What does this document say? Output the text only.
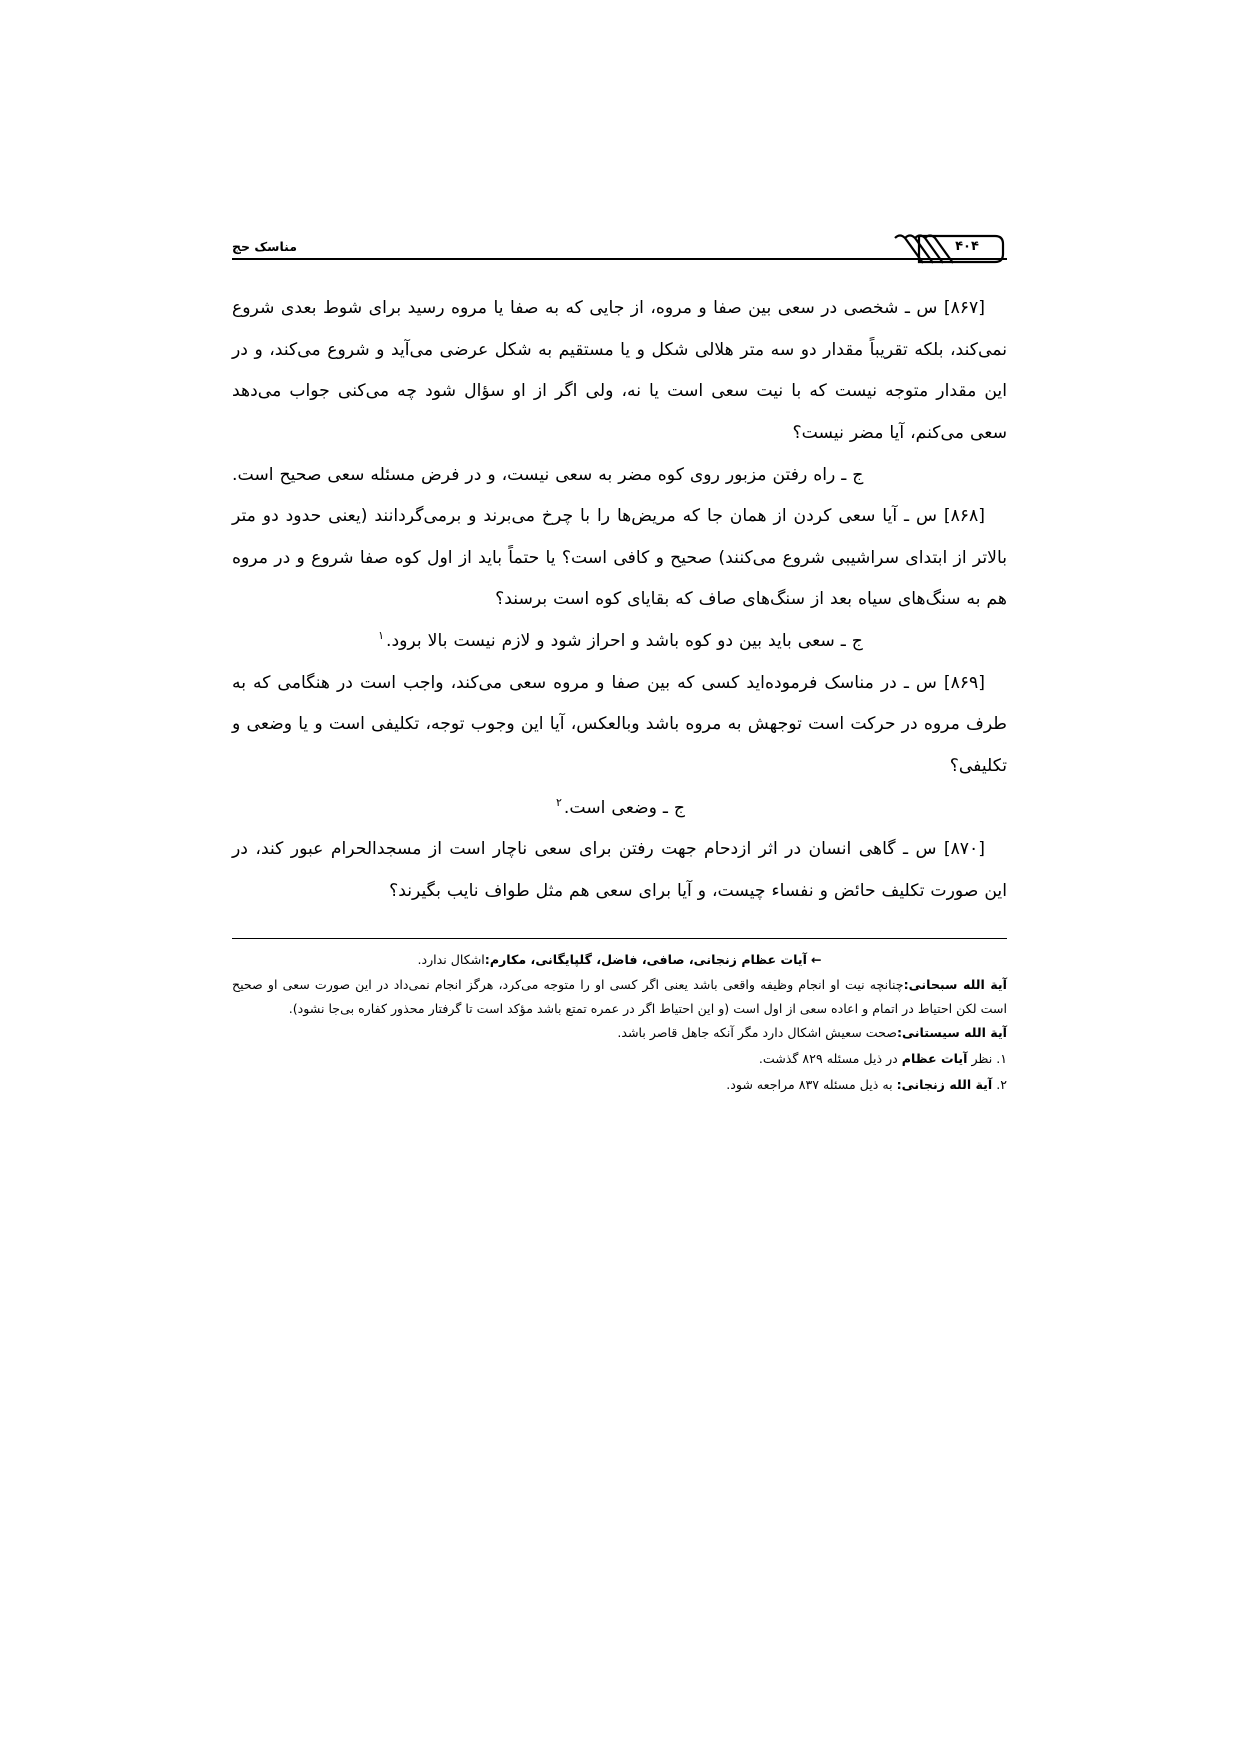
مناسک حج	۴۰۴

[۸۶۷] س ـ شخصی در سعی بین صفا و مروه، از جایی که به صفا یا مروه رسید برای شوط بعدی شروع نمی‌کند، بلکه تقریباً مقدار دو سه متر هلالی شکل و یا مستقیم به شکل عرضی می‌آید و شروع می‌کند، و در این مقدار متوجه نیست که با نیت سعی است یا نه، ولی اگر از او سؤال شود چه می‌کنی جواب می‌دهد سعی می‌کنم، آیا مضر نیست؟

ج ـ راه رفتن مزبور روی کوه مضر به سعی نیست، و در فرض مسئله سعی صحیح است.

[۸۶۸] س ـ آیا سعی کردن از همان جا که مریض‌ها را با چرخ می‌برند و برمی‌گردانند (یعنی حدود دو متر بالاتر از ابتدای سراشیبی شروع می‌کنند) صحیح و کافی است؟ یا حتماً باید از اول کوه صفا شروع و در مروه هم به سنگ‌های سیاه بعد از سنگ‌های صاف که بقایای کوه است برسند؟

ج ـ سعی باید بین دو کوه باشد و احراز شود و لازم نیست بالا برود.$^۱$

[۸۶۹] س ـ در مناسک فرموده‌اید کسی که بین صفا و مروه سعی می‌کند، واجب است در هنگامی که به طرف مروه در حرکت است توجهش به مروه باشد وبالعکس، آیا این وجوب توجه، تکلیفی است و یا وضعی و تکلیفی؟

ج ـ وضعی است.$^۲$

[۸۷۰] س ـ گاهی انسان در اثر ازدحام جهت رفتن برای سعی ناچار است از مسجدالحرام عبور کند، در این صورت تکلیف حائض و نفساء چیست، و آیا برای سعی هم مثل طواف نایب بگیرند؟

←آیات عظام زنجانی، صافی، فاضل، گلپایگانی، مکارم:اشکال ندارد.

آیة الله سبحانی:چنانچه نیت او انجام وظیفه واقعی باشد یعنی اگر کسی او را متوجه می‌کرد، هرگز انجام نمی‌داد در این صورت سعی او صحیح است لکن احتیاط در اتمام و اعاده سعی از اول است (و این احتیاط اگر در عمره تمتع باشد مؤکد است تا گرفتار محذور کفاره بی‌جا نشود).

آیة الله سیستانی:صحت سعیش اشکال دارد مگر آنکه جاهل قاصر باشد.

۱. نظر آیات عظام در ذیل مسئله ۸۲۹ گذشت.

۲. آیة الله زنجانی: به ذیل مسئله ۸۳۷ مراجعه شود.
